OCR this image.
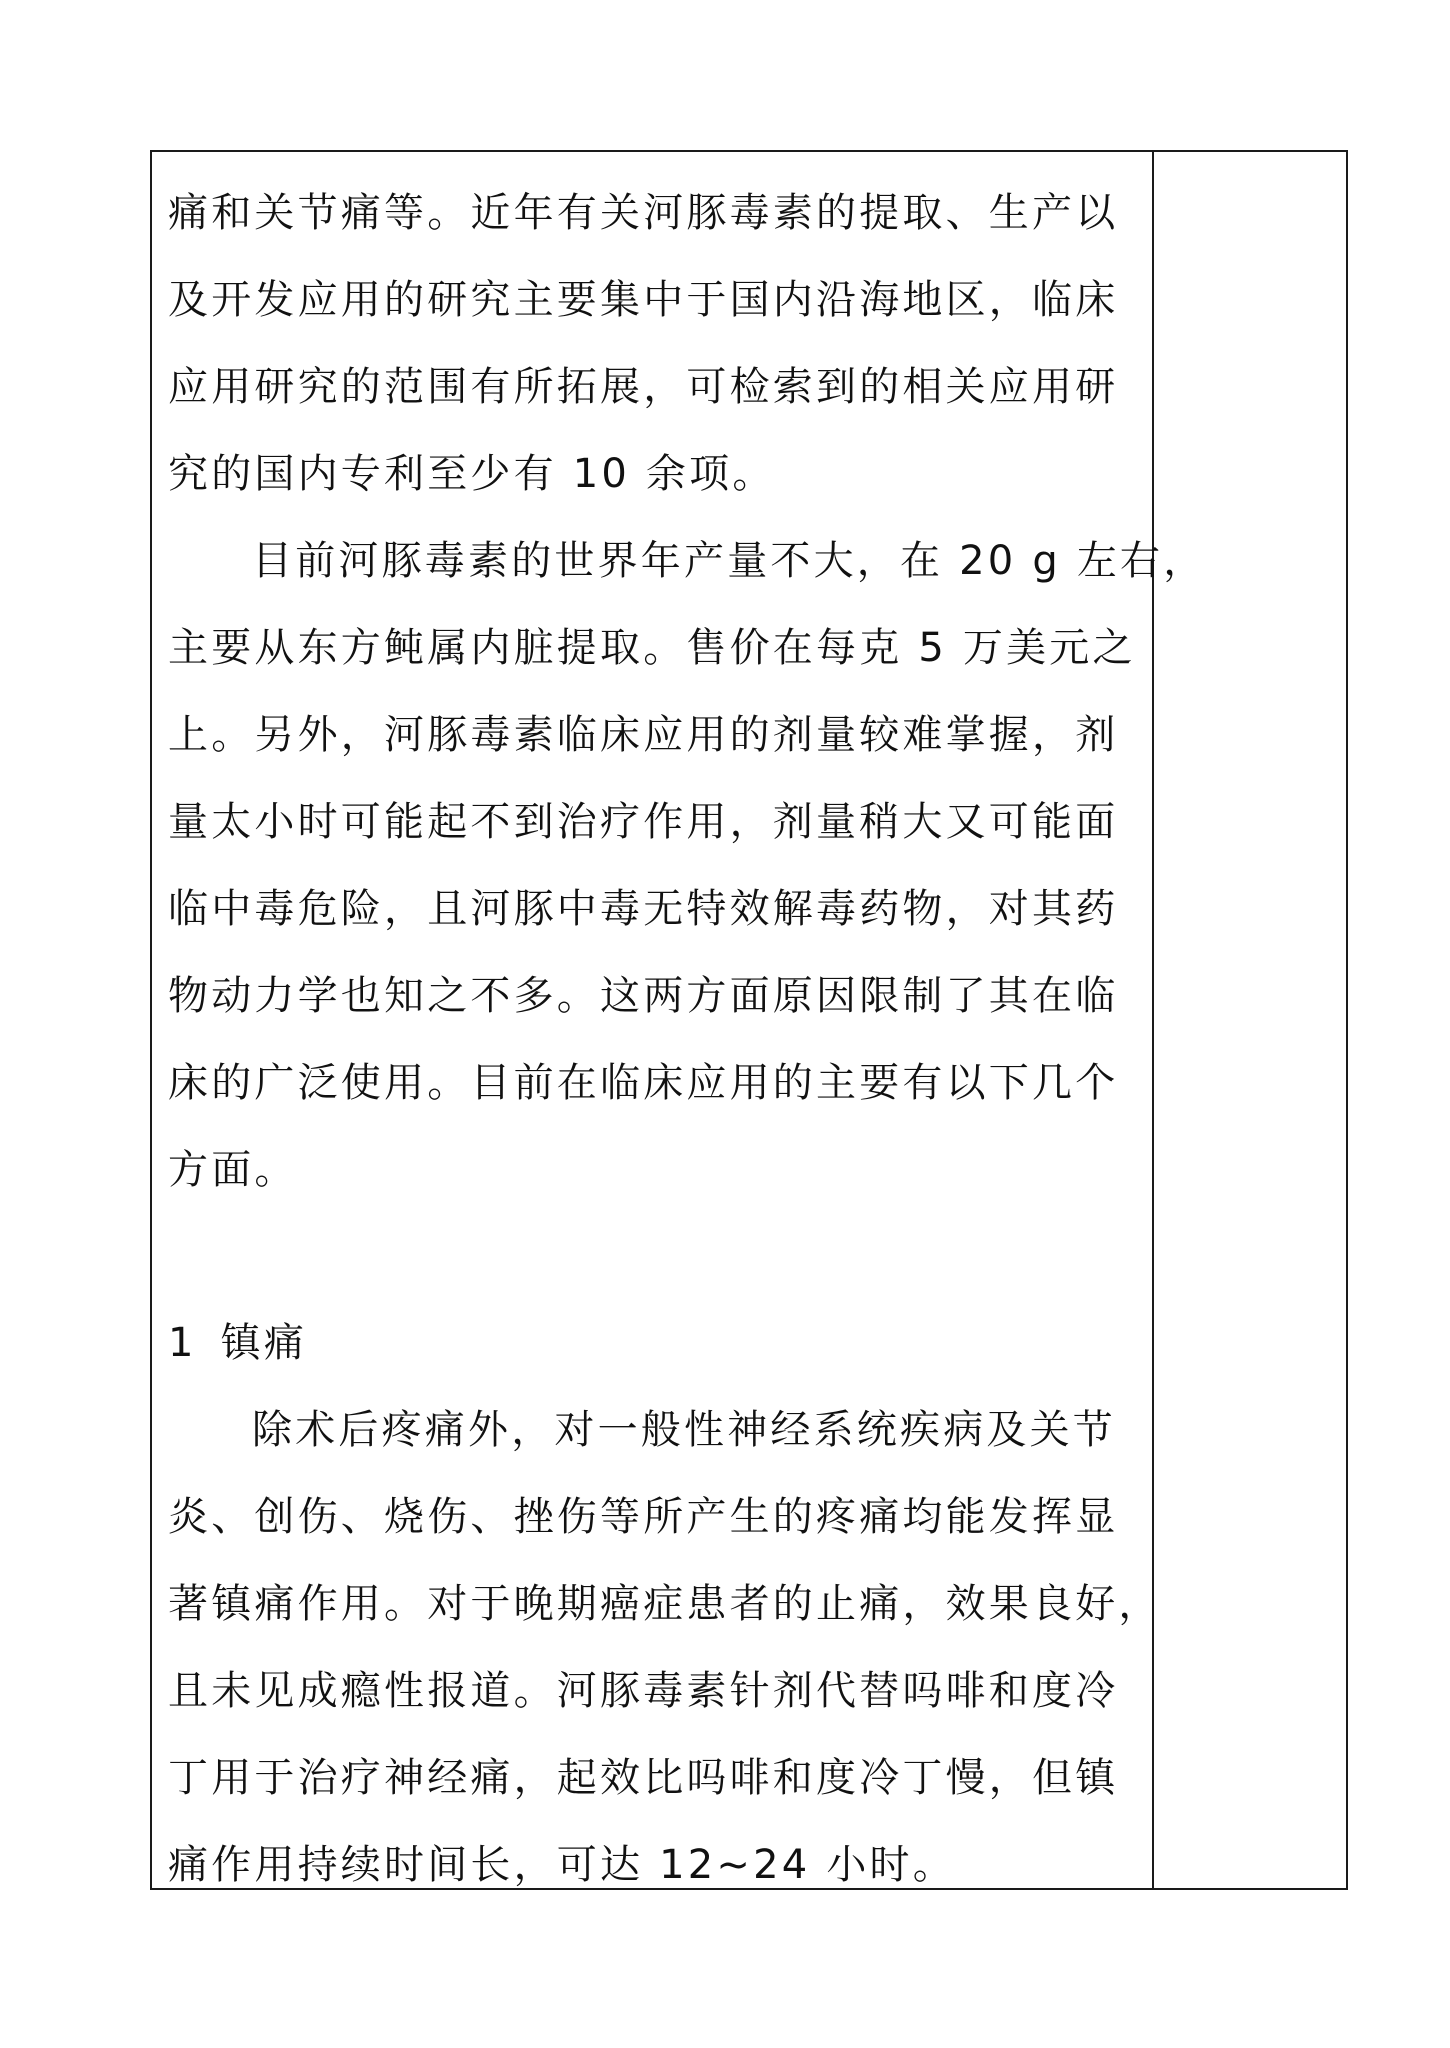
痛和关节痛等。近年有关河豚毒素的提取、生产以
及开发应用的研究主要集中于国内沿海地区，临床
应用研究的范围有所拓展，可检索到的相关应用研
究的国内专利至少有 10 余项。
目前河豚毒素的世界年产量不大，在 20 g 左右，
主要从东方鲀属内脏提取。售价在每克 5 万美元之
上。另外，河豚毒素临床应用的剂量较难掌握，剂
量太小时可能起不到治疗作用，剂量稍大又可能面
临中毒危险，且河豚中毒无特效解毒药物，对其药
物动力学也知之不多。这两方面原因限制了其在临
床的广泛使用。目前在临床应用的主要有以下几个
方面。
1 镇痛
除术后疼痛外，对一般性神经系统疾病及关节
炎、创伤、烧伤、挫伤等所产生的疼痛均能发挥显
著镇痛作用。对于晚期癌症患者的止痛，效果良好，
且未见成瘾性报道。河豚毒素针剂代替吗啡和度冷
丁用于治疗神经痛，起效比吗啡和度冷丁慢，但镇
痛作用持续时间长，可达 12~24 小时。
